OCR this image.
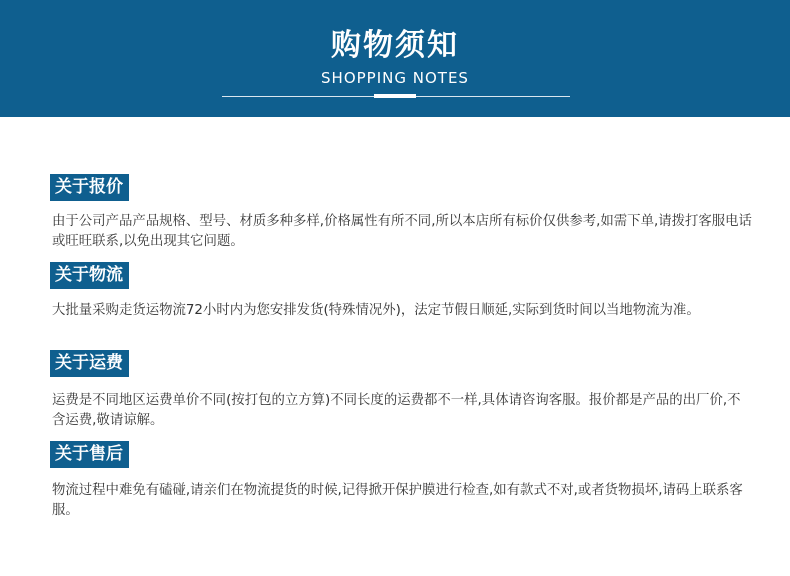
购物须知
SHOPPING NOTES
关于报价
由于公司产品产品规格、型号、材质多种多样,价格属性有所不同,所以本店所有标价仅供参考,如需下单,请拨打客服电话或旺旺联系,以免出现其它问题。
关于物流
大批量采购走货运物流72小时内为您安排发货(特殊情况外)，法定节假日顺延,实际到货时间以当地物流为准。
关于运费
运费是不同地区运费单价不同(按打包的立方算)不同长度的运费都不一样,具体请咨询客服。报价都是产品的出厂价,不含运费,敬请谅解。
关于售后
物流过程中难免有磕碰,请亲们在物流提货的时候,记得掀开保护膜进行检查,如有款式不对,或者货物损坏,请码上联系客服。
